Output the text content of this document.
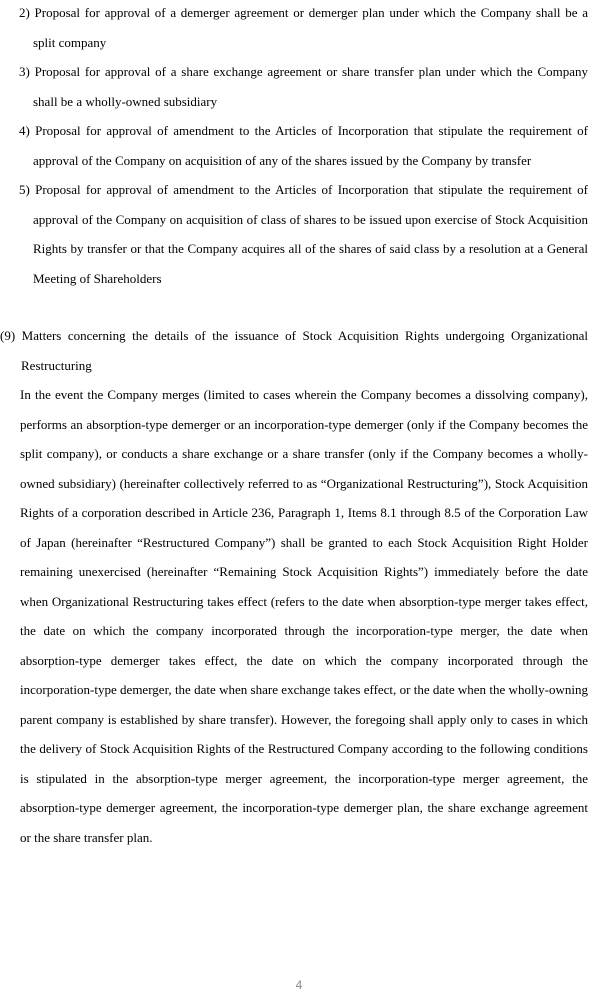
2) Proposal for approval of a demerger agreement or demerger plan under which the Company shall be a split company
3) Proposal for approval of a share exchange agreement or share transfer plan under which the Company shall be a wholly-owned subsidiary
4) Proposal for approval of amendment to the Articles of Incorporation that stipulate the requirement of approval of the Company on acquisition of any of the shares issued by the Company by transfer
5) Proposal for approval of amendment to the Articles of Incorporation that stipulate the requirement of approval of the Company on acquisition of class of shares to be issued upon exercise of Stock Acquisition Rights by transfer or that the Company acquires all of the shares of said class by a resolution at a General Meeting of Shareholders
(9) Matters concerning the details of the issuance of Stock Acquisition Rights undergoing Organizational Restructuring
In the event the Company merges (limited to cases wherein the Company becomes a dissolving company), performs an absorption-type demerger or an incorporation-type demerger (only if the Company becomes the split company), or conducts a share exchange or a share transfer (only if the Company becomes a wholly-owned subsidiary) (hereinafter collectively referred to as “Organizational Restructuring”), Stock Acquisition Rights of a corporation described in Article 236, Paragraph 1, Items 8.1 through 8.5 of the Corporation Law of Japan (hereinafter “Restructured Company”) shall be granted to each Stock Acquisition Right Holder remaining unexercised (hereinafter “Remaining Stock Acquisition Rights”) immediately before the date when Organizational Restructuring takes effect (refers to the date when absorption-type merger takes effect, the date on which the company incorporated through the incorporation-type merger, the date when absorption-type demerger takes effect, the date on which the company incorporated through the incorporation-type demerger, the date when share exchange takes effect, or the date when the wholly-owning parent company is established by share transfer). However, the foregoing shall apply only to cases in which the delivery of Stock Acquisition Rights of the Restructured Company according to the following conditions is stipulated in the absorption-type merger agreement, the incorporation-type merger agreement, the absorption-type demerger agreement, the incorporation-type demerger plan, the share exchange agreement or the share transfer plan.
4
